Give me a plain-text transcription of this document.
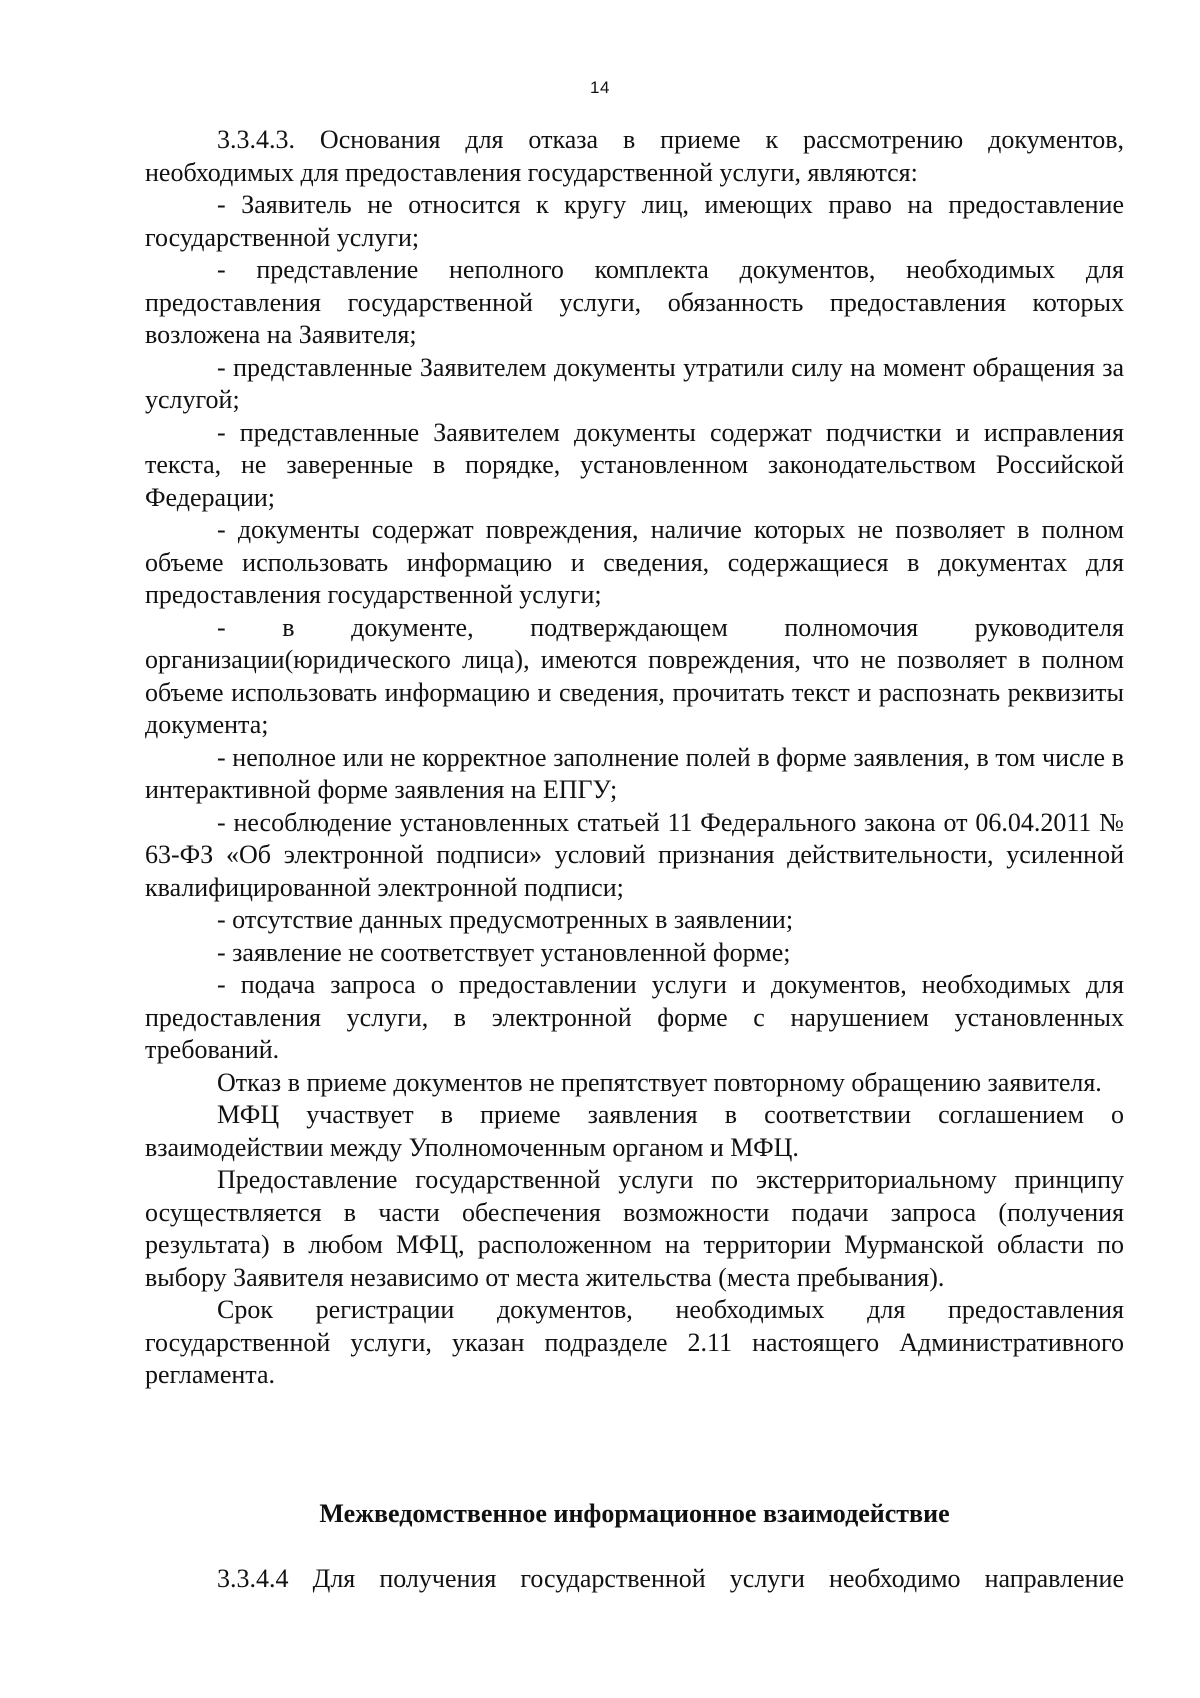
14

3.3.4.3. Основания для отказа в приеме к рассмотрению документов, необходимых для предоставления государственной услуги, являются:

- Заявитель не относится к кругу лиц, имеющих право на предоставление государственной услуги;

- представление неполного комплекта документов, необходимых для предоставления государственной услуги, обязанность предоставления которых возложена на Заявителя;

- представленные Заявителем документы утратили силу на момент обращения за услугой;

- представленные Заявителем документы содержат подчистки и исправления текста, не заверенные в порядке, установленном законодательством Российской Федерации;

- документы содержат повреждения, наличие которых не позволяет в полном объеме использовать информацию и сведения, содержащиеся в документах для предоставления государственной услуги;

- в документе, подтверждающем полномочия руководителя организации(юридического лица), имеются повреждения, что не позволяет в полном объеме использовать информацию и сведения, прочитать текст и распознать реквизиты документа;

- неполное или не корректное заполнение полей в форме заявления, в том числе в интерактивной форме заявления на ЕПГУ;

- несоблюдение установленных статьей 11 Федерального закона от 06.04.2011 № 63-ФЗ «Об электронной подписи» условий признания действительности, усиленной квалифицированной электронной подписи;

- отсутствие данных предусмотренных в заявлении;

- заявление не соответствует установленной форме;

- подача запроса о предоставлении услуги и документов, необходимых для предоставления услуги, в электронной форме с нарушением установленных требований.

Отказ в приеме документов не препятствует повторному обращению заявителя.

МФЦ участвует в приеме заявления в соответствии соглашением о взаимодействии между Уполномоченным органом и МФЦ.

Предоставление государственной услуги по экстерриториальному принципу осуществляется в части обеспечения возможности подачи запроса (получения результата) в любом МФЦ, расположенном на территории Мурманской области по выбору Заявителя независимо от места жительства (места пребывания).

Срок регистрации документов, необходимых для предоставления государственной услуги, указан подразделе 2.11 настоящего Административного регламента.

Межведомственное информационное взаимодействие
3.3.4.4 Для получения государственной услуги необходимо направление
